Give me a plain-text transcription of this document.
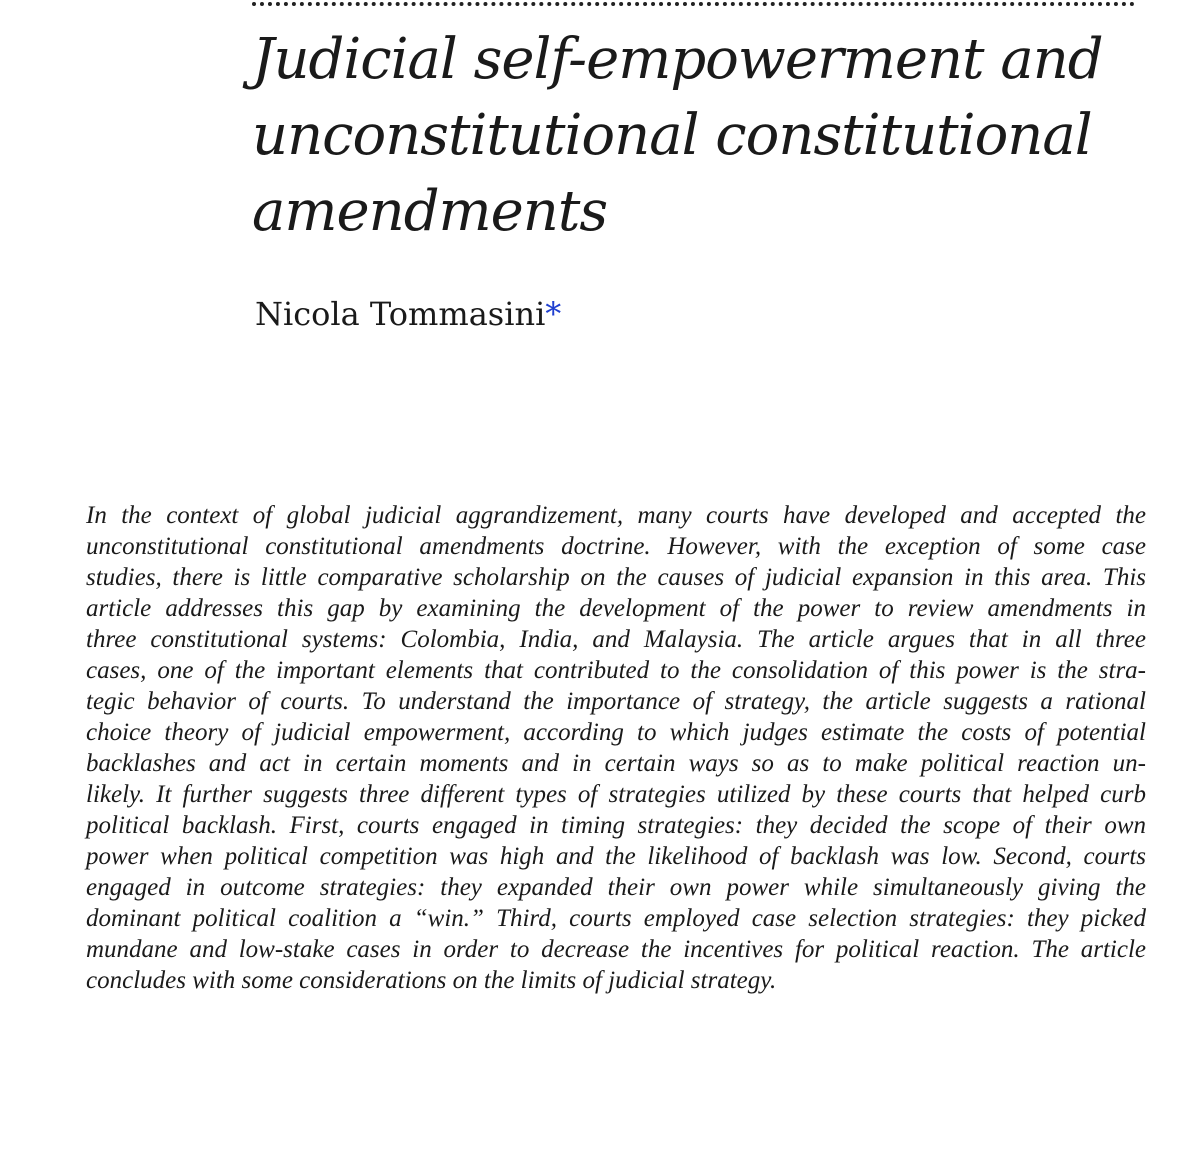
Judicial self-empowerment and
unconstitutional constitutional
amendments
Nicola Tommasini*

In the context of global judicial aggrandizement, many courts have developed and accepted the
unconstitutional constitutional amendments doctrine. However, with the exception of some case
studies, there is little comparative scholarship on the causes of judicial expansion in this area. This
article addresses this gap by examining the development of the power to review amendments in
three constitutional systems: Colombia, India, and Malaysia. The article argues that in all three
cases, one of the important elements that contributed to the consolidation of this power is the stra-
tegic behavior of courts. To understand the importance of strategy, the article suggests a rational
choice theory of judicial empowerment, according to which judges estimate the costs of potential
backlashes and act in certain moments and in certain ways so as to make political reaction un-
likely. It further suggests three different types of strategies utilized by these courts that helped curb
political backlash. First, courts engaged in timing strategies: they decided the scope of their own
power when political competition was high and the likelihood of backlash was low. Second, courts
engaged in outcome strategies: they expanded their own power while simultaneously giving the
dominant political coalition a “win.” Third, courts employed case selection strategies: they picked
mundane and low-stake cases in order to decrease the incentives for political reaction. The article
concludes with some considerations on the limits of judicial strategy.
